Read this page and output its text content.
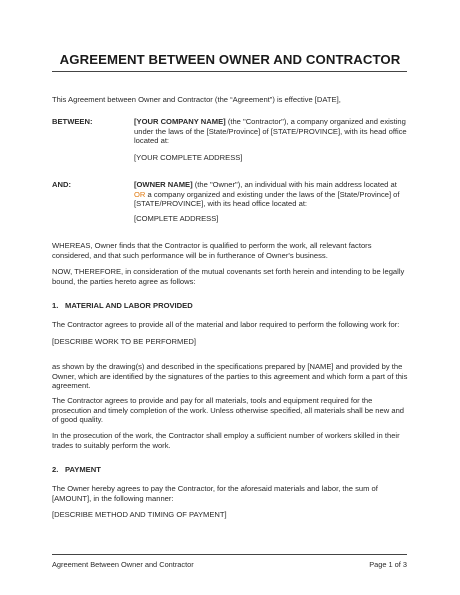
AGREEMENT BETWEEN OWNER AND CONTRACTOR
This Agreement between Owner and Contractor (the “Agreement”) is effective [DATE],
BETWEEN:	[YOUR COMPANY NAME] (the "Contractor"), a company organized and existing under the laws of the [State/Province] of [STATE/PROVINCE], with its head office located at:
[YOUR COMPLETE ADDRESS]
AND:	[OWNER NAME] (the "Owner"), an individual with his main address located at OR a company organized and existing under the laws of the [State/Province] of [STATE/PROVINCE], with its head office located at:
[COMPLETE ADDRESS]
WHEREAS, Owner finds that the Contractor is qualified to perform the work, all relevant factors considered, and that such performance will be in furtherance of Owner's business.
NOW, THEREFORE, in consideration of the mutual covenants set forth herein and intending to be legally bound, the parties hereto agree as follows:
1. MATERIAL AND LABOR PROVIDED
The Contractor agrees to provide all of the material and labor required to perform the following work for:
[DESCRIBE WORK TO BE PERFORMED]
as shown by the drawing(s) and described in the specifications prepared by [NAME] and provided by the Owner, which are identified by the signatures of the parties to this agreement and which form a part of this agreement.
The Contractor agrees to provide and pay for all materials, tools and equipment required for the prosecution and timely completion of the work. Unless otherwise specified, all materials shall be new and of good quality.
In the prosecution of the work, the Contractor shall employ a sufficient number of workers skilled in their trades to suitably perform the work.
2. PAYMENT
The Owner hereby agrees to pay the Contractor, for the aforesaid materials and labor, the sum of [AMOUNT], in the following manner:
[DESCRIBE METHOD AND TIMING OF PAYMENT]
Agreement Between Owner and Contractor	Page 1 of 3
